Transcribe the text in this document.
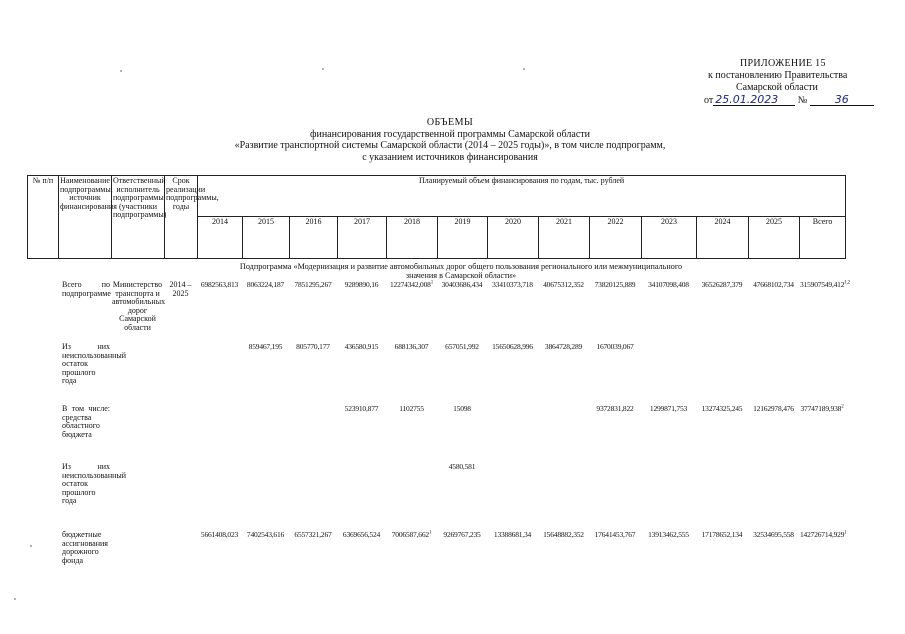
ПРИЛОЖЕНИЕ 15
к постановлению Правительства
Самарской области
от 25.01.2023 №	36
ОБЪЕМЫ
финансирования государственной программы Самарской области
«Развитие транспортной системы Самарской области (2014 – 2025 годы)», в том числе подпрограмм,
с указанием источников финансирования
№ п/п	Наименование подпрограммы, источник финансирования	Ответственный исполнитель подпрограммы (участники подпрограммы)	Срок реализации подпрограммы, годы	Планируемый объем финансирования по годам, тыс. рублей												
				2014	2015	2016	2017	2018	2019	2020	2021	2022	2023	2024	2025	Всего
Подпрограмма «Модернизация и развитие автомобильных дорог общего пользования регионального или межмуниципального значения в Самарской области»
	Всего по подпрограмме	Министерство транспорта и автомобильных дорог Самарской области	2014 – 2025	6982563,813	8063224,187	7851295,267	9289890,16	12274342,008$^1$	30403686,434	33410373,718	40675312,352	73820125,889	34107098,408	36526287,379	47668102,734	315907549,412$^{1,2}$
	Из них неиспользованный остаток прошлого года				859467,195	805770,177	436580,915	688136,307	657051,992	15650628,996	3864728,289	1670039,067				
	В том числе: средства областного бюджета						523910,877	1102755	15098			9372831,822	1299871,753	13274325,245	12162978,476	37747189,938$^2$
	Из них неиспользованный остаток прошлого года								4580,581							
	бюджетные ассигнования дорожного фонда			5661408,023	7402543,616	6557321,267	6369656,524	7006587,662$^1$	9269767,235	13388681,34	15648882,352	17641453,767	13913462,555	17178652,134	32534695,558	142726714,929$^1$
